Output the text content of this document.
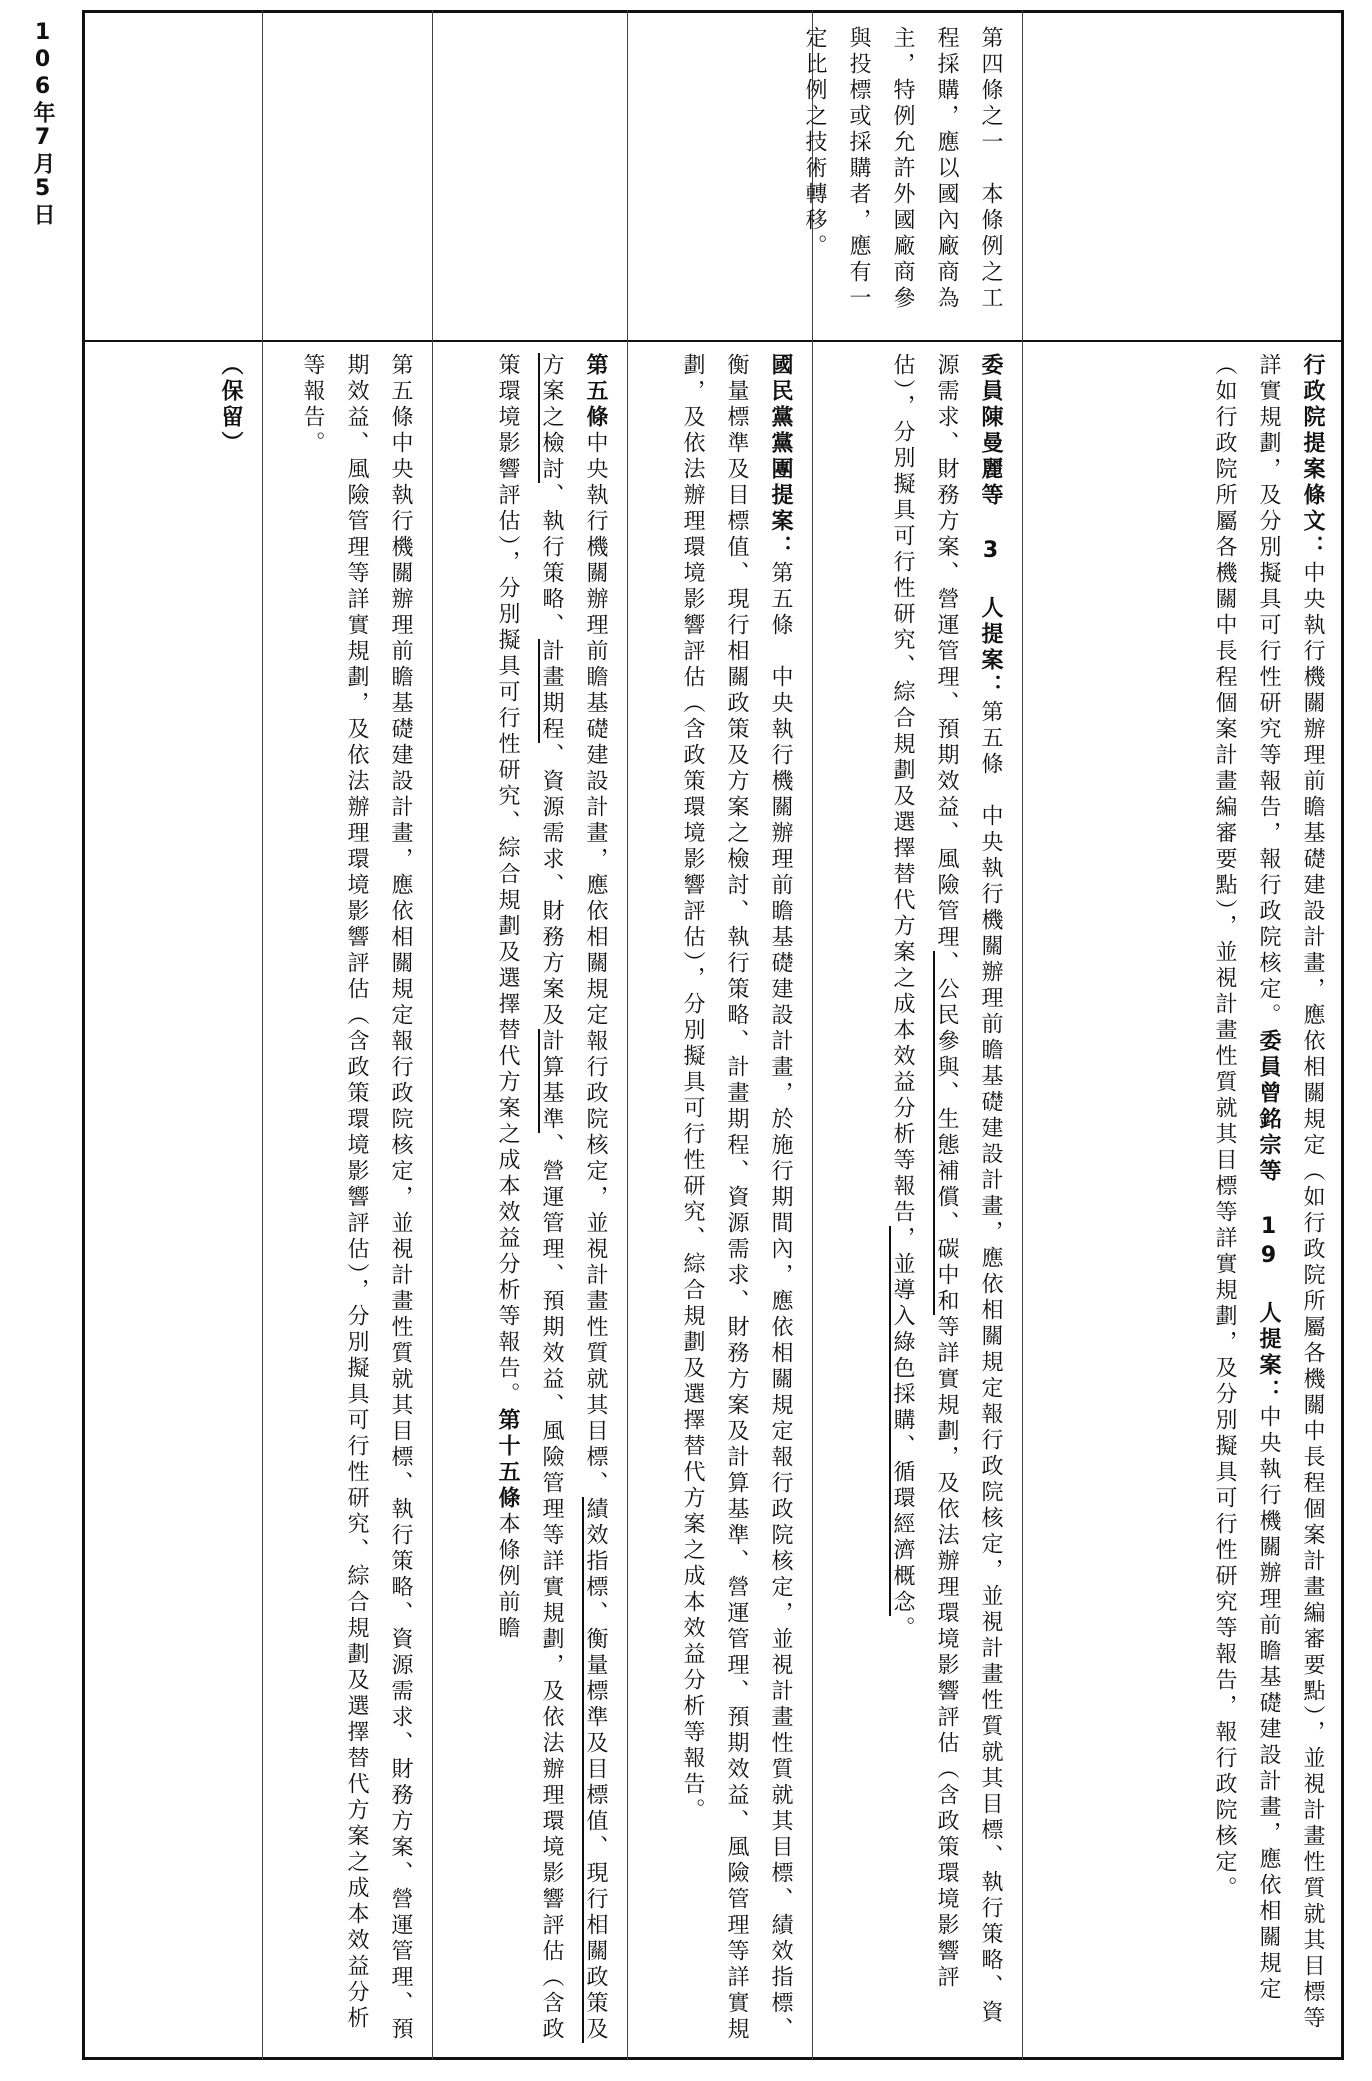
106年7月5日
行政院提案條文：中央執行機關辦理前瞻基礎建設計畫，應依相關規定（如行政院所屬各機關中長程個案計畫編審要點），並視計畫性質就其目標等詳實規劃，及分別擬具可行性研究等報告，報行政院核定。委員曾銘宗等 19 人提案：中央執行機關辦理前瞻基礎建設計畫，應依相關規定（如行政院所屬各機關中長程個案計畫編審要點），並視計畫性質就其目標等詳實規劃，及分別擬具可行性研究等報告，報行政院核定。
第四條之一　本條例之工程採購，應以國內廠商為主，特例允許外國廠商參與投標或採購者，應有一定比例之技術轉移。
委員陳曼麗等 3 人提案：第五條　中央執行機關辦理前瞻基礎建設計畫，應依相關規定報行政院核定，並視計畫性質就其目標、執行策略、資源需求、財務方案、營運管理、預期效益、風險管理、公民參與、生態補償、碳中和等詳實規劃，及依法辦理環境影響評估（含政策環境影響評估），分別擬具可行性研究、綜合規劃及選擇替代方案之成本效益分析等報告，並導入綠色採購、循環經濟概念。
國民黨黨團提案：第五條　中央執行機關辦理前瞻基礎建設計畫，於施行期間內，應依相關規定報行政院核定，並視計畫性質就其目標、績效指標、衡量標準及目標值、現行相關政策及方案之檢討、執行策略、計畫期程、資源需求、財務方案及計算基準、營運管理、預期效益、風險管理等詳實規劃，及依法辦理環境影響評估（含政策環境影響評估），分別擬具可行性研究、綜合規劃及選擇替代方案之成本效益分析等報告。
第五條中央執行機關辦理前瞻基礎建設計畫，應依相關規定報行政院核定，並視計畫性質就其目標、績效指標、衡量標準及目標值、現行相關政策及方案之檢討、執行策略、計畫期程、資源需求、財務方案及計算基準、營運管理、預期效益、風險管理等詳實規劃，及依法辦理環境影響評估（含政策環境影響評估），分別擬具可行性研究、綜合規劃及選擇替代方案之成本效益分析等報告。第十五條本條例前瞻
第五條中央執行機關辦理前瞻基礎建設計畫，應依相關規定報行政院核定，並視計畫性質就其目標、執行策略、資源需求、財務方案、營運管理、預期效益、風險管理等詳實規劃，及依法辦理環境影響評估（含政策環境影響評估），分別擬具可行性研究、綜合規劃及選擇替代方案之成本效益分析等報告。
（保留）
